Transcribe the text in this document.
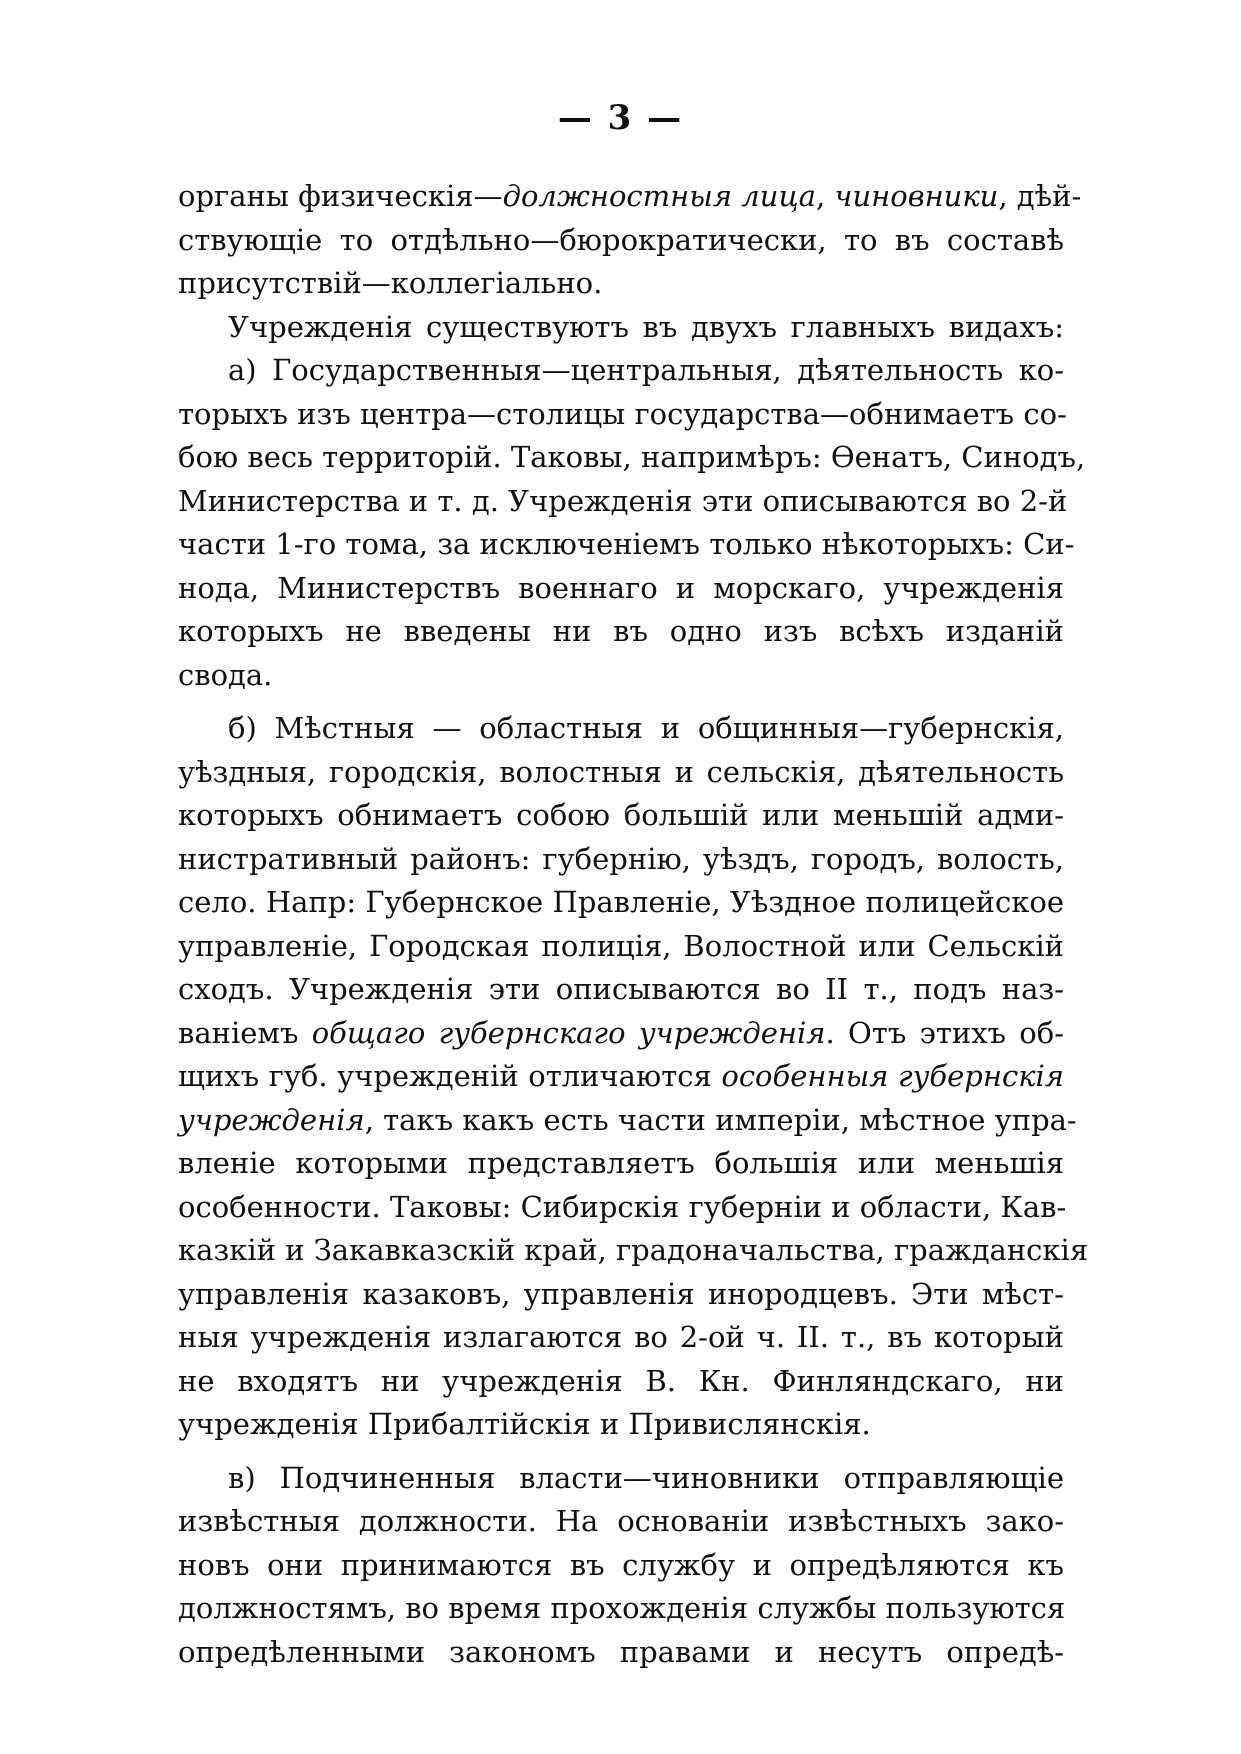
— 3 —
органы физическія—должностныя лица, чиновники, дѣй-
ствующіе то отдѣльно—бюрократически, то въ составѣ
присутствій—коллегіально.
Учрежденія существуютъ въ двухъ главныхъ видахъ:
а) Государственныя—центральныя, дѣятельность ко-
торыхъ изъ центра—столицы государства—обнимаетъ со-
бою весь территорій. Таковы, напримѣръ: Ѳенатъ, Синодъ,
Министерства и т. д. Учрежденія эти описываются во 2-й
части 1-го тома, за исключеніемъ только нѣкоторыхъ: Си-
нода, Министерствъ военнаго и морскаго, учрежденія
которыхъ не введены ни въ одно изъ всѣхъ изданій
свода.
б) Мѣстныя — областныя и общинныя—губернскія,
уѣздныя, городскія, волостныя и сельскія, дѣятельность
которыхъ обнимаетъ собою большій или меньшій адми-
нистративный районъ: губернію, уѣздъ, городъ, волость,
село. Напр: Губернское Правленіе, Уѣздное полицейское
управленіе, Городская полиція, Волостной или Сельскій
сходъ. Учрежденія эти описываются во II т., подъ наз-
ваніемъ общаго губернскаго учрежденія. Отъ этихъ об-
щихъ губ. учрежденій отличаются особенныя губернскія
учрежденія, такъ какъ есть части имперіи, мѣстное упра-
вленіе которыми представляетъ большія или меньшія
особенности. Таковы: Сибирскія губерніи и области, Кав-
казкій и Закавказскій край, градоначальства, гражданскія
управленія казаковъ, управленія инородцевъ. Эти мѣст-
ныя учрежденія излагаются во 2-ой ч. II. т., въ который
не входятъ ни учрежденія В. Кн. Финляндскаго, ни
учрежденія Прибалтійскія и Привислянскія.
в) Подчиненныя власти—чиновники отправляющіе
извѣстныя должности. На основаніи извѣстныхъ зако-
новъ они принимаются въ службу и опредѣляются къ
должностямъ, во время прохожденія службы пользуются
опредѣленными закономъ правами и несутъ опредѣ-
